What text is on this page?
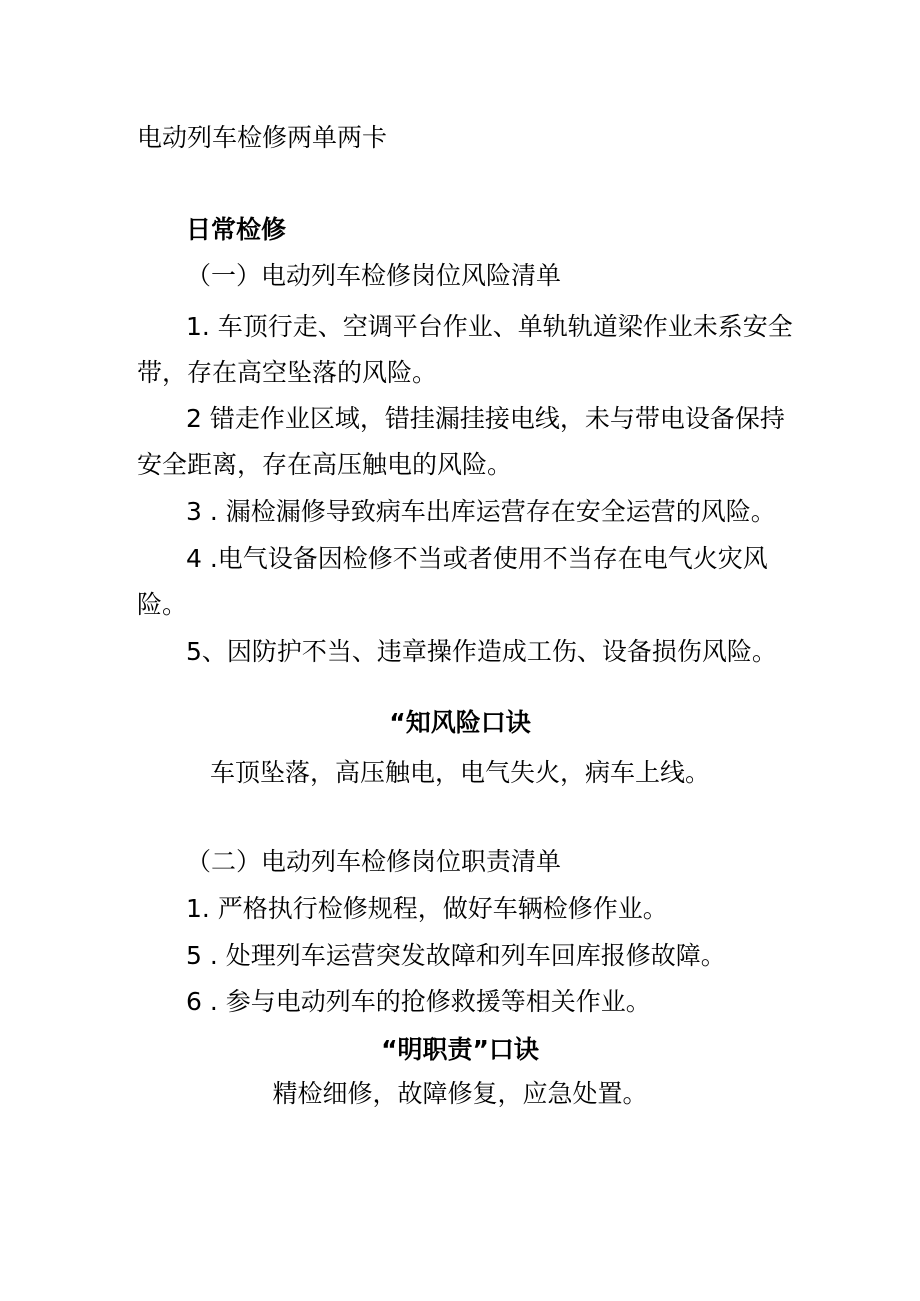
电动列车检修两单两卡
日常检修
（一）电动列车检修岗位风险清单
1. 车顶行走、空调平台作业、单轨轨道梁作业未系安全
带，存在高空坠落的风险。
2 错走作业区域，错挂漏挂接电线，未与带电设备保持
安全距离，存在高压触电的风险。
3 . 漏检漏修导致病车出库运营存在安全运营的风险。
4 .电气设备因检修不当或者使用不当存在电气火灾风
险。
5、因防护不当、违章操作造成工伤、设备损伤风险。
“知风险口诀
车顶坠落，高压触电，电气失火，病车上线。
（二）电动列车检修岗位职责清单
1. 严格执行检修规程，做好车辆检修作业。
5 . 处理列车运营突发故障和列车回库报修故障。
6 . 参与电动列车的抢修救援等相关作业。
“明职责”口诀
精检细修，故障修复，应急处置。
